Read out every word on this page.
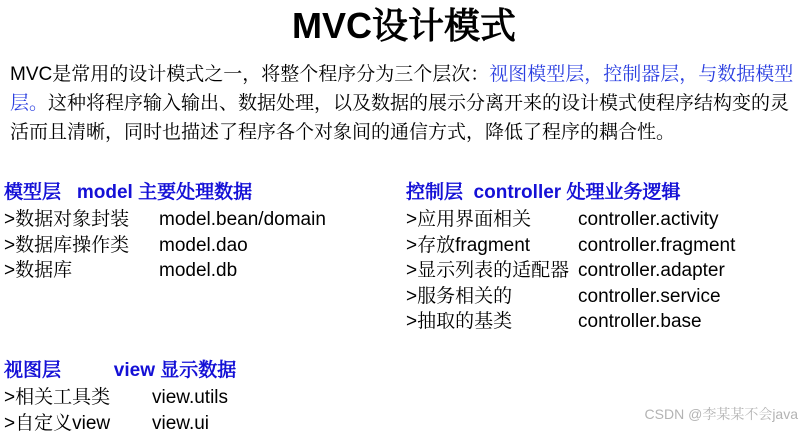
MVC设计模式
MVC是常用的设计模式之一，将整个程序分为三个层次：视图模型层，控制器层，与数据模型层。这种将程序输入输出、数据处理，以及数据的展示分离开来的设计模式使程序结构变的灵活而且清晰，同时也描述了程序各个对象间的通信方式，降低了程序的耦合性。
模型层   model 主要处理数据
>数据对象封装	model.bean/domain
>数据库操作类	model.dao
>数据库	model.db
控制层  controller 处理业务逻辑
>应用界面相关	controller.activity
>存放fragment	controller.fragment
>显示列表的适配器 controller.adapter
>服务相关的	controller.service
>抽取的基类	controller.base
视图层          view 显示数据
>相关工具类	view.utils
>自定义view	view.ui	CSDN @李某某不会java
